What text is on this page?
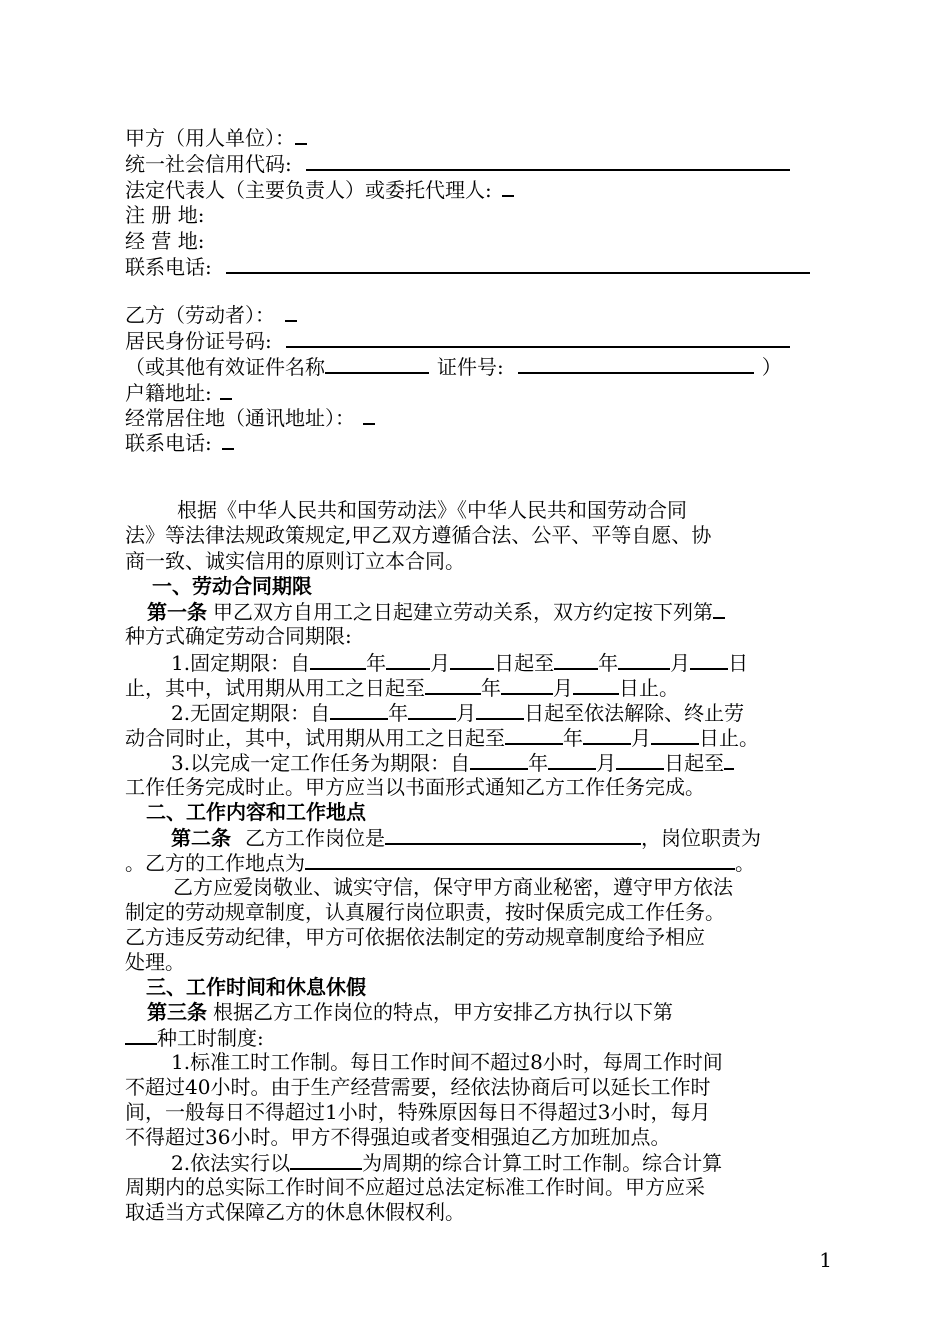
甲方（用人单位）：
统一社会信用代码:
法定代表人（主要负责人）或委托代理人:
注 册 地:
经 营 地:
联系电话:
乙方（劳动者）：
居民身份证号码:
（或其他有效证件名称	证件号:	）
户籍地址:
经常居住地（通讯地址）：
联系电话:
根据《中华人民共和国劳动法》《中华人民共和国劳动合同
法》等法律法规政策规定,甲乙双方遵循合法、公平、平等自愿、协
商一致、诚实信用的原则订立本合同。
一、劳动合同期限
第一条 甲乙双方自用工之日起建立劳动关系，双方约定按下列第
种方式确定劳动合同期限:
1.固定期限：自	年 月 日起至 年	月 日
止，其中，试用期从用工之日起至	年	月 日止。
2.无固定期限：自	年 月 日起至依法解除、终止劳
动合同时止，其中，试用期从用工之日起至	年 月 日止。
3.以完成一定工作任务为期限：自	年 月 日起至
工作任务完成时止。甲方应当以书面形式通知乙方工作任务完成。
二、工作内容和工作地点
第二条 乙方工作岗位是	，岗位职责为
。乙方的工作地点为	。
乙方应爱岗敬业、诚实守信，保守甲方商业秘密，遵守甲方依法
制定的劳动规章制度，认真履行岗位职责，按时保质完成工作任务。
乙方违反劳动纪律，甲方可依据依法制定的劳动规章制度给予相应
处理。
三、工作时间和休息休假
第三条 根据乙方工作岗位的特点，甲方安排乙方执行以下第
种工时制度:
1.标准工时工作制。每日工作时间不超过8小时，每周工作时间
不超过40小时。由于生产经营需要，经依法协商后可以延长工作时
间，一般每日不得超过1小时，特殊原因每日不得超过3小时，每月
不得超过36小时。甲方不得强迫或者变相强迫乙方加班加点。
2.依法实行以	为周期的综合计算工时工作制。综合计算
周期内的总实际工作时间不应超过总法定标准工作时间。甲方应采
取适当方式保障乙方的休息休假权利。
1
